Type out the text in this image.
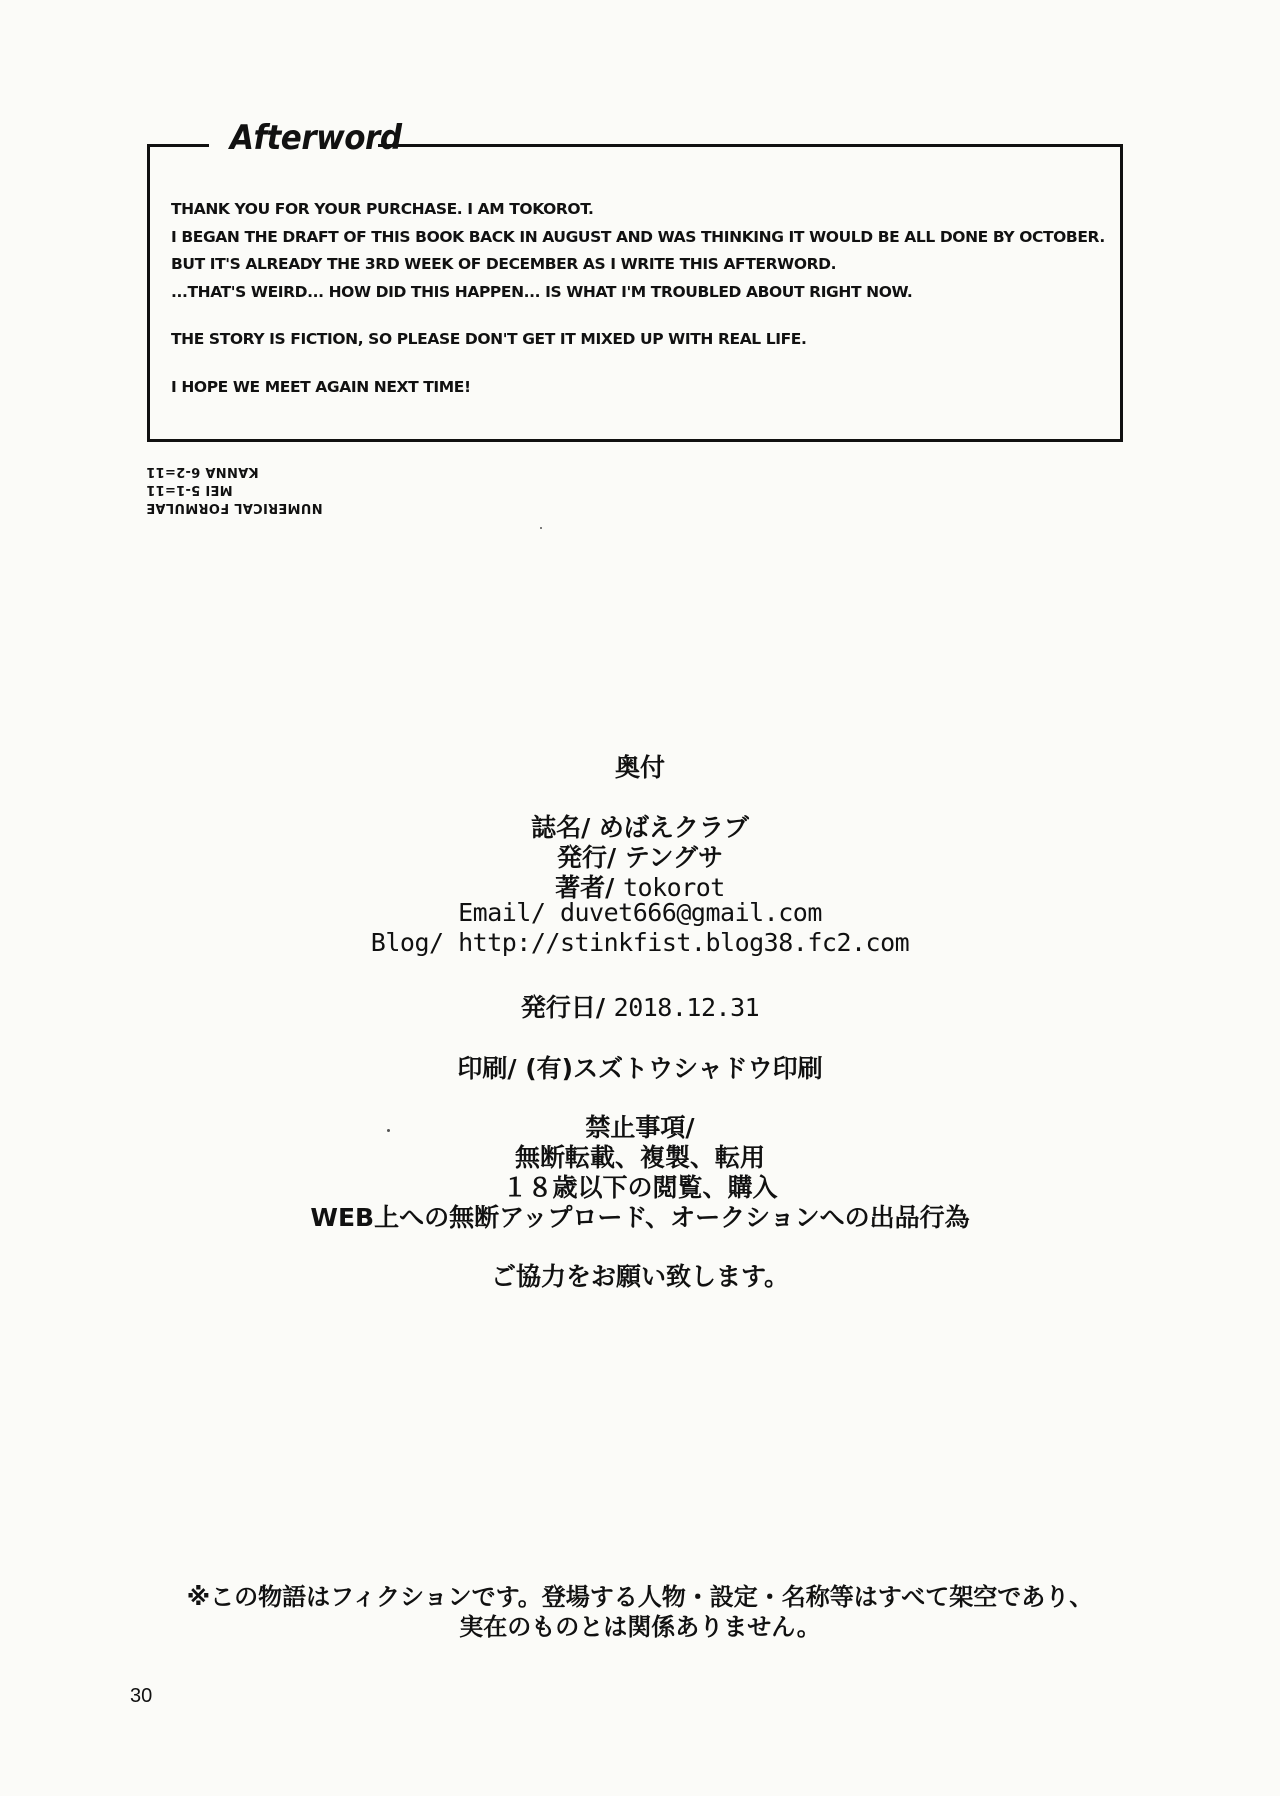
Afterword
THANK YOU FOR YOUR PURCHASE. I AM TOKOROT.
I BEGAN THE DRAFT OF THIS BOOK BACK IN AUGUST AND WAS THINKING IT WOULD BE ALL DONE BY OCTOBER.
BUT IT'S ALREADY THE 3RD WEEK OF DECEMBER AS I WRITE THIS AFTERWORD.
...THAT'S WEIRD... HOW DID THIS HAPPEN... IS WHAT I'M TROUBLED ABOUT RIGHT NOW.
THE STORY IS FICTION, SO PLEASE DON'T GET IT MIXED UP WITH REAL LIFE.
I HOPE WE MEET AGAIN NEXT TIME!
NUMERICAL FORMULAE
MEI 5-1=11
KANNA 6-2=11
奥付
誌名/ めばえクラブ
発行/ テングサ
著者/ tokorot
Email/ duvet666@gmail.com
Blog/ http://stinkfist.blog38.fc2.com
発行日/ 2018.12.31
印刷/ (有)スズトウシャドウ印刷
禁止事項/
無断転載、複製、転用
１８歳以下の閲覧、購入
WEB上への無断アップロード、オークションへの出品行為
ご協力をお願い致します。
※この物語はフィクションです。登場する人物・設定・名称等はすべて架空であり、
実在のものとは関係ありません。
30
